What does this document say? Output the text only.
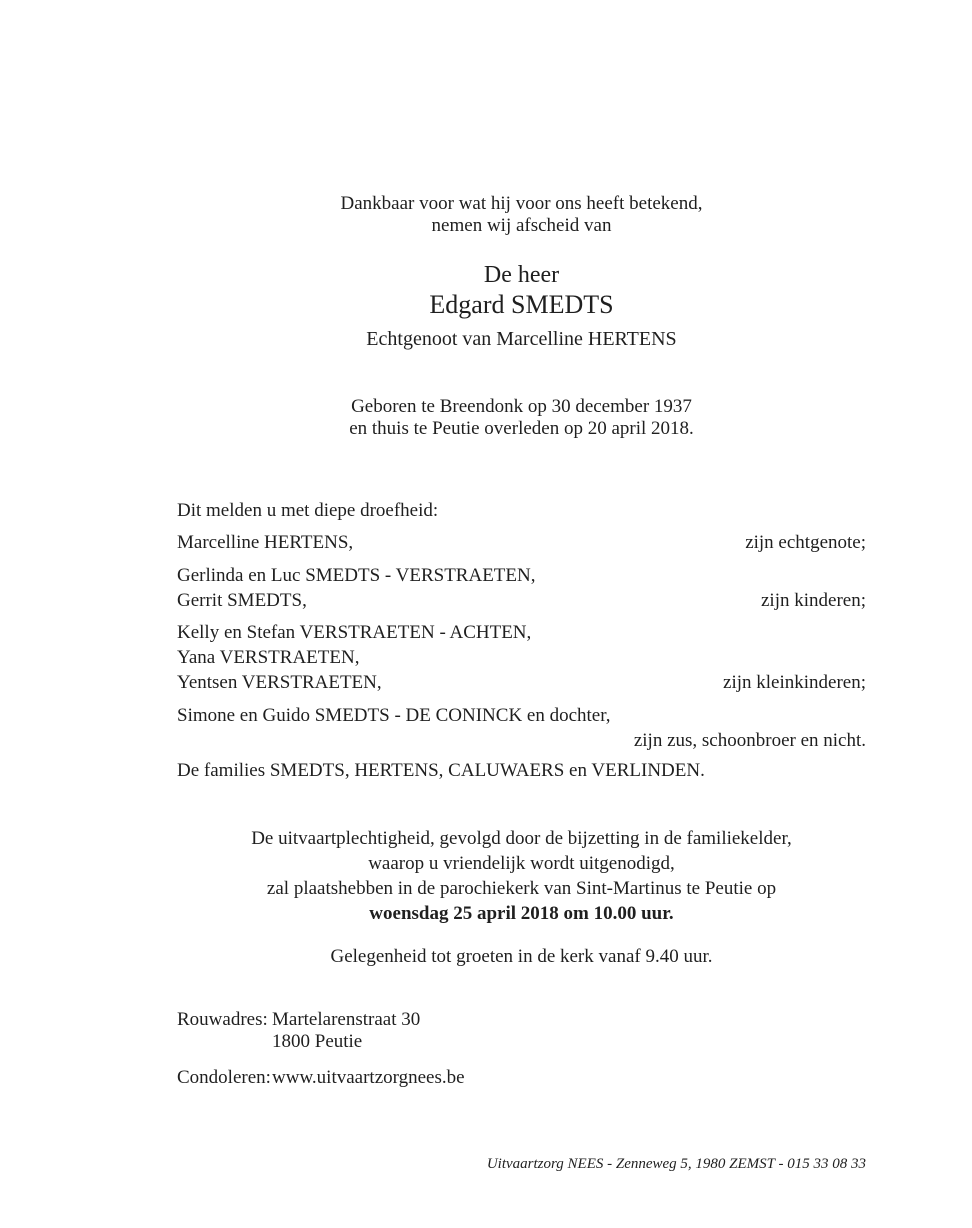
Dankbaar voor wat hij voor ons heeft betekend,
nemen wij afscheid van
De heer
Edgard SMEDTS
Echtgenoot van Marcelline HERTENS
Geboren te Breendonk op 30 december 1937
en thuis te Peutie overleden op 20 april 2018.
Dit melden u met diepe droefheid:
Marcelline HERTENS,	zijn echtgenote;
Gerlinda en Luc SMEDTS - VERSTRAETEN,
Gerrit SMEDTS,	zijn kinderen;
Kelly en Stefan VERSTRAETEN - ACHTEN,
Yana VERSTRAETEN,
Yentsen VERSTRAETEN,	zijn kleinkinderen;
Simone en Guido SMEDTS - DE CONINCK en dochter,
zijn zus, schoonbroer en nicht.
De families SMEDTS, HERTENS, CALUWAERS en VERLINDEN.
De uitvaartplechtigheid, gevolgd door de bijzetting in de familiekelder,
waarop u vriendelijk wordt uitgenodigd,
zal plaatshebben in de parochiekerk van Sint-Martinus te Peutie op
woensdag 25 april 2018 om 10.00 uur.
Gelegenheid tot groeten in de kerk vanaf 9.40 uur.
Rouwadres: Martelarenstraat 30
1800 Peutie
Condoleren: www.uitvaartzorgnees.be
Uitvaartzorg NEES - Zenneweg 5, 1980 ZEMST - 015 33 08 33
